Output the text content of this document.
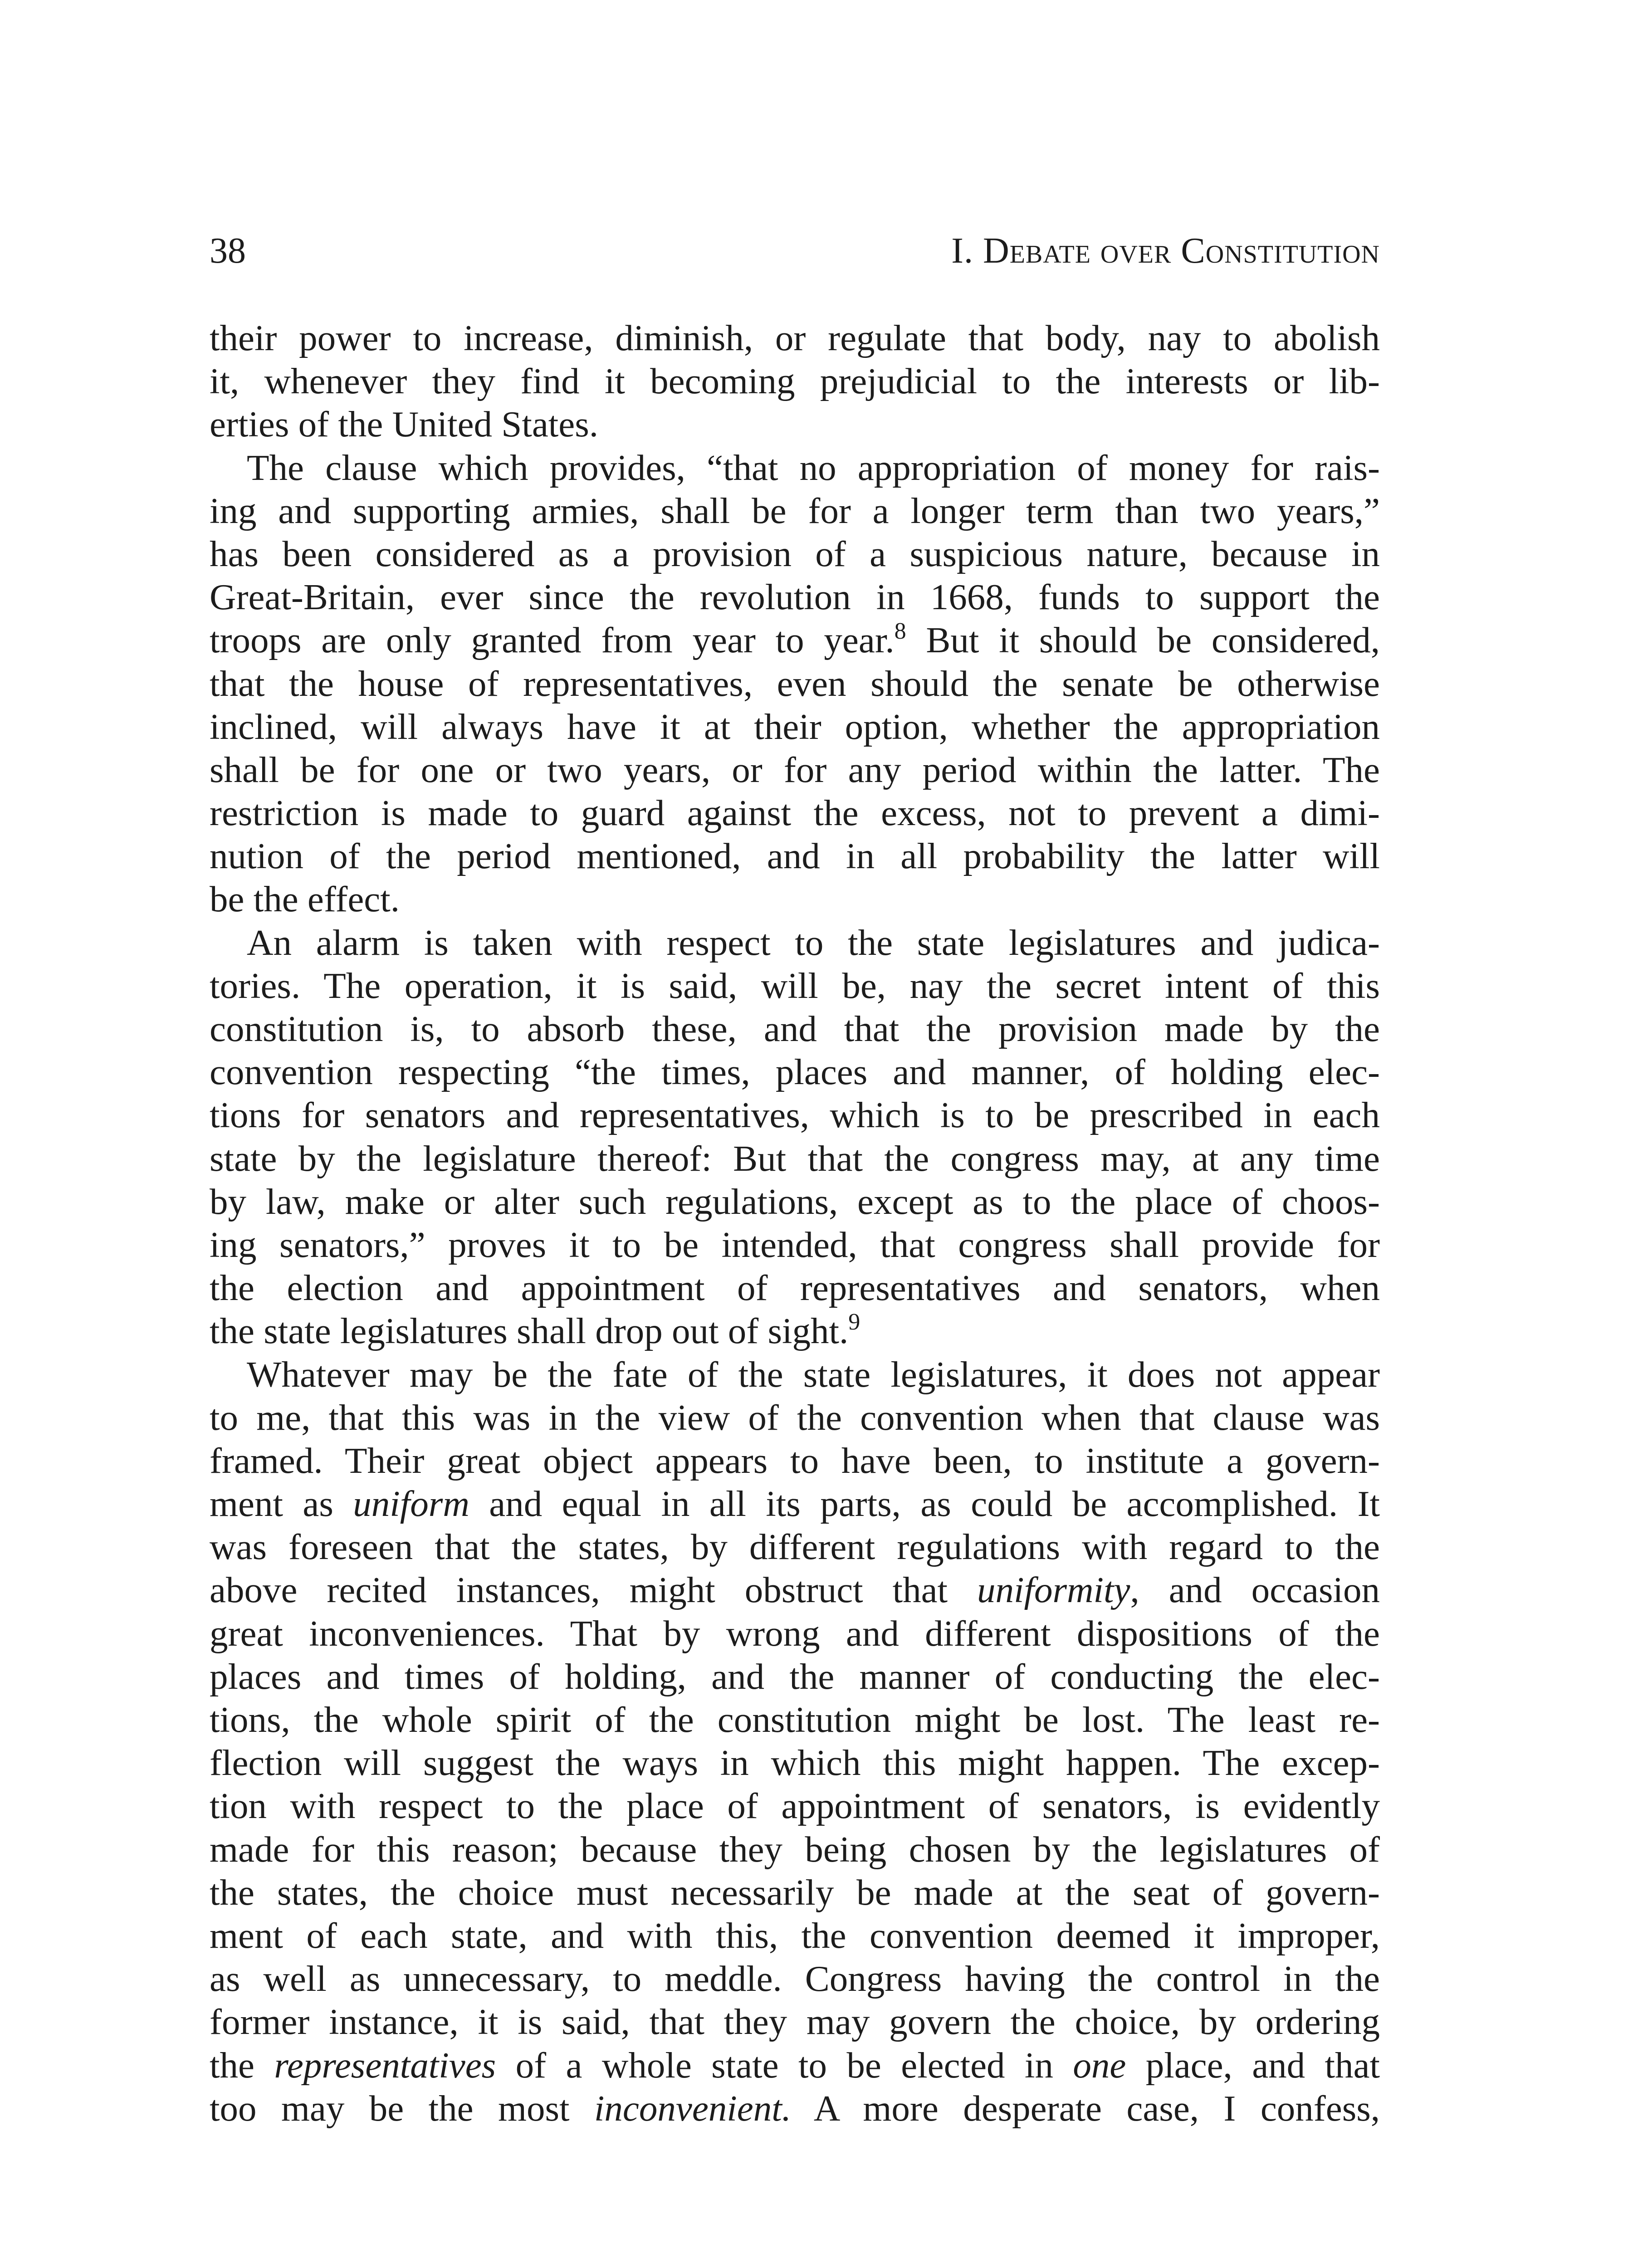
38	I. Debate over Constitution
their power to increase, diminish, or regulate that body, nay to abolish
it, whenever they find it becoming prejudicial to the interests or lib-
erties of the United States.
The clause which provides, “that no appropriation of money for rais-
ing and supporting armies, shall be for a longer term than two years,”
has been considered as a provision of a suspicious nature, because in
Great-Britain, ever since the revolution in 1668, funds to support the
troops are only granted from year to year.$^8$ But it should be considered,
that the house of representatives, even should the senate be otherwise
inclined, will always have it at their option, whether the appropriation
shall be for one or two years, or for any period within the latter. The
restriction is made to guard against the excess, not to prevent a dimi-
nution of the period mentioned, and in all probability the latter will
be the effect.
An alarm is taken with respect to the state legislatures and judica-
tories. The operation, it is said, will be, nay the secret intent of this
constitution is, to absorb these, and that the provision made by the
convention respecting “the times, places and manner, of holding elec-
tions for senators and representatives, which is to be prescribed in each
state by the legislature thereof: But that the congress may, at any time
by law, make or alter such regulations, except as to the place of choos-
ing senators,” proves it to be intended, that congress shall provide for
the election and appointment of representatives and senators, when
the state legislatures shall drop out of sight.$^9$
Whatever may be the fate of the state legislatures, it does not appear
to me, that this was in the view of the convention when that clause was
framed. Their great object appears to have been, to institute a govern-
ment as uniform and equal in all its parts, as could be accomplished. It
was foreseen that the states, by different regulations with regard to the
above recited instances, might obstruct that uniformity, and occasion
great inconveniences. That by wrong and different dispositions of the
places and times of holding, and the manner of conducting the elec-
tions, the whole spirit of the constitution might be lost. The least re-
flection will suggest the ways in which this might happen. The excep-
tion with respect to the place of appointment of senators, is evidently
made for this reason; because they being chosen by the legislatures of
the states, the choice must necessarily be made at the seat of govern-
ment of each state, and with this, the convention deemed it improper,
as well as unnecessary, to meddle. Congress having the control in the
former instance, it is said, that they may govern the choice, by ordering
the representatives of a whole state to be elected in one place, and that
too may be the most inconvenient. A more desperate case, I confess,
